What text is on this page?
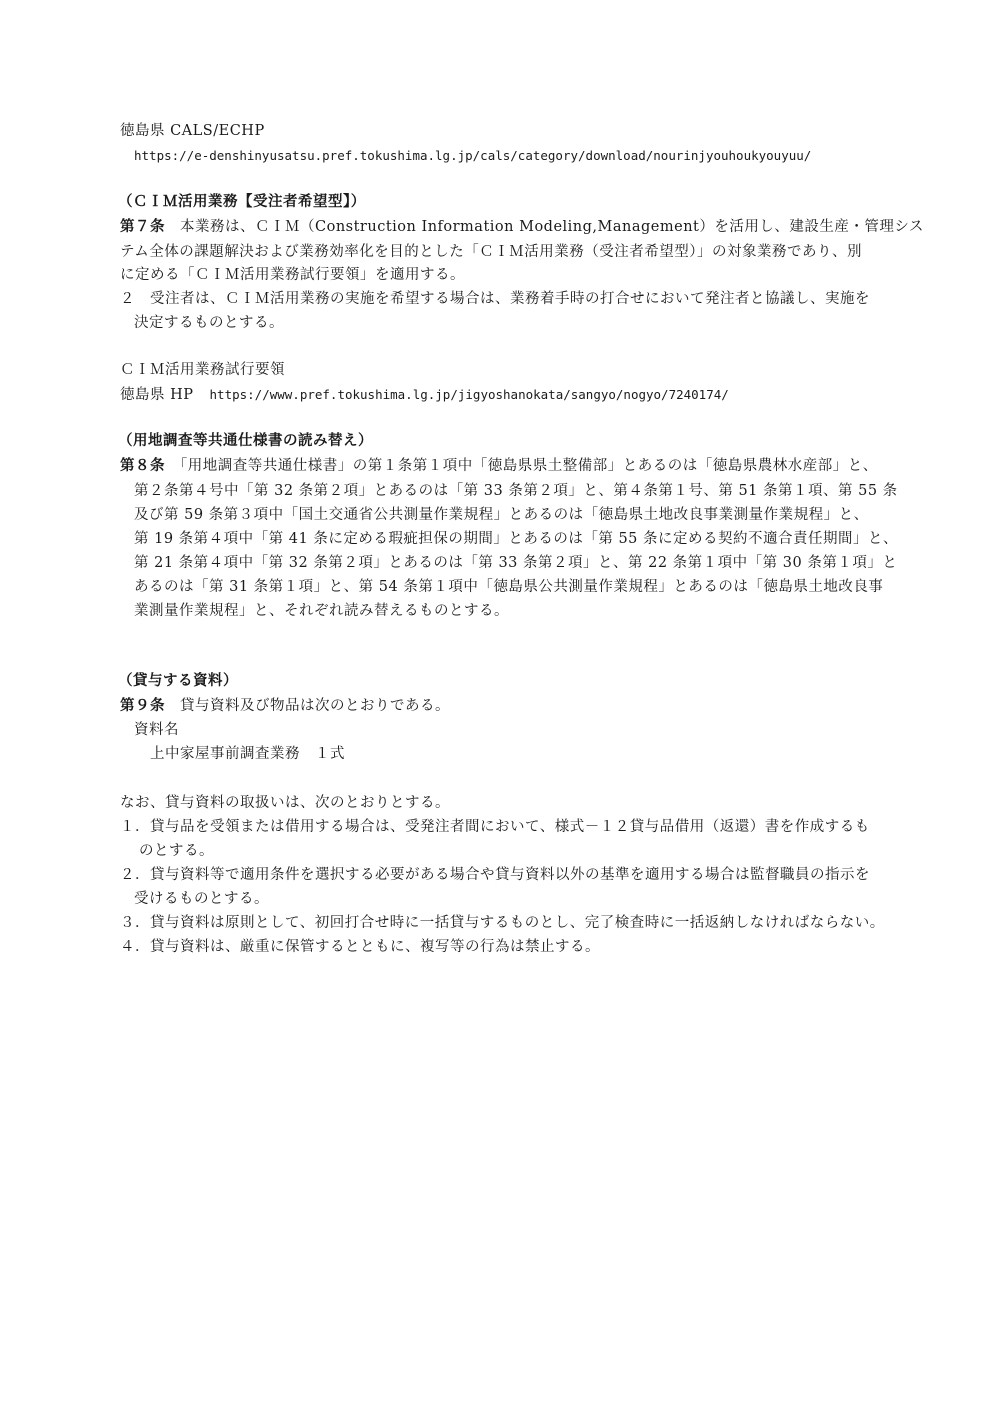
徳島県 CALS/ECHP
https://e-denshinyusatsu.pref.tokushima.lg.jp/cals/category/download/nourinjyouhoukyouyuu/
（ＣＩＭ活用業務【受注者希望型】）
第７条　本業務は、ＣＩＭ（Construction Information Modeling,Management）を活用し、建設生産・管理シス
テム全体の課題解決および業務効率化を目的とした「ＣＩＭ活用業務（受注者希望型）」の対象業務であり、別
に定める「ＣＩＭ活用業務試行要領」を適用する。
２　受注者は、ＣＩＭ活用業務の実施を希望する場合は、業務着手時の打合せにおいて発注者と協議し、実施を
決定するものとする。
ＣＩＭ活用業務試行要領
徳島県 HP https://www.pref.tokushima.lg.jp/jigyoshanokata/sangyo/nogyo/7240174/
（用地調査等共通仕様書の読み替え）
第８条　「用地調査等共通仕様書」の第１条第１項中「徳島県県土整備部」とあるのは「徳島県農林水産部」と、
第２条第４号中「第 32 条第２項」とあるのは「第 33 条第２項」と、第４条第１号、第 51 条第１項、第 55 条
及び第 59 条第３項中「国土交通省公共測量作業規程」とあるのは「徳島県土地改良事業測量作業規程」と、
第 19 条第４項中「第 41 条に定める瑕疵担保の期間」とあるのは「第 55 条に定める契約不適合責任期間」と、
第 21 条第４項中「第 32 条第２項」とあるのは「第 33 条第２項」と、第 22 条第１項中「第 30 条第１項」と
あるのは「第 31 条第１項」と、第 54 条第１項中「徳島県公共測量作業規程」とあるのは「徳島県土地改良事
業測量作業規程」と、それぞれ読み替えるものとする。
（貸与する資料）
第９条　貸与資料及び物品は次のとおりである。
資料名
上中家屋事前調査業務　１式
なお、貸与資料の取扱いは、次のとおりとする。
１．貸与品を受領または借用する場合は、受発注者間において、様式－１２貸与品借用（返還）書を作成するも
のとする。
２．貸与資料等で適用条件を選択する必要がある場合や貸与資料以外の基準を適用する場合は監督職員の指示を
受けるものとする。
３．貸与資料は原則として、初回打合せ時に一括貸与するものとし、完了検査時に一括返納しなければならない。
４．貸与資料は、厳重に保管するとともに、複写等の行為は禁止する。
